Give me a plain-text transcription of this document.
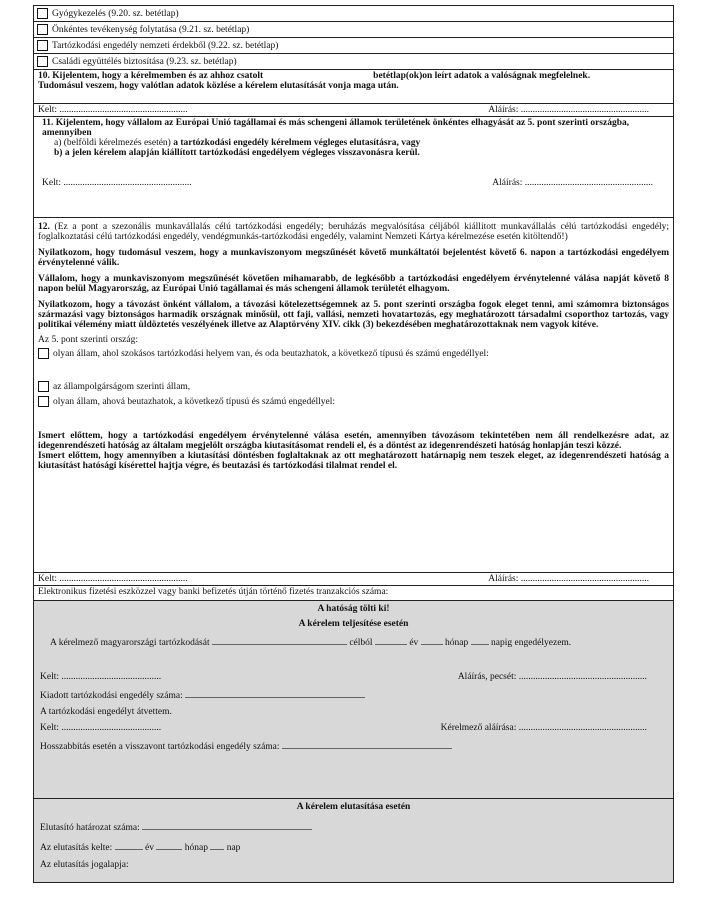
Gyógykezelés (9.20. sz. betétlap)
Önkéntes tevékenység folytatása (9.21. sz. betétlap)
Tartózkodási engedély nemzeti érdekből (9.22. sz. betétlap)
Családi együttélés biztosítása (9.23. sz. betétlap)

10. Kijelentem, hogy a kérelmemben és az ahhoz csatolt	betétlap(ok)on leírt adatok a valóságnak megfelelnek.

Tudomásul veszem, hogy valótlan adatok közlése a kérelem elutasítását vonja maga után.

Kelt: ......................................................	Aláírás: ......................................................

11. Kijelentem, hogy vállalom az Európai Unió tagállamai és más schengeni államok területének önkéntes elhagyását az 5. pont szerinti országba, amennyiben

a) (belföldi kérelmezés esetén) a tartózkodási engedély kérelmem végleges elutasításra, vagy

b) a jelen kérelem alapján kiállított tartózkodási engedélyem végleges visszavonásra kerül.

Kelt: ......................................................	Aláírás: ......................................................

12. (Ez a pont a szezonális munkavállalás célú tartózkodási engedély; beruházás megvalósítása céljából kiállított munkavállalás célú tartózkodási engedély; foglalkoztatási célú tartózkodási engedély, vendégmunkás-tartózkodási engedély, valamint Nemzeti Kártya kérelmezése esetén kitöltendő!)

Nyilatkozom, hogy tudomásul veszem, hogy a munkaviszonyom megszűnését követő munkáltatói bejelentést követő 6. napon a tartózkodási engedélyem érvénytelenné válik.

Vállalom, hogy a munkaviszonyom megszűnését követően mihamarabb, de legkésőbb a tartózkodási engedélyem érvénytelenné válása napját követő 8 napon belül Magyarország, az Európai Unió tagállamai és más schengeni államok területét elhagyom.

Nyilatkozom, hogy a távozást önként vállalom, a távozási kötelezettségemnek az 5. pont szerinti országba fogok eleget tenni, ami számomra biztonságos származási vagy biztonságos harmadik országnak minősül, ott faji, vallási, nemzeti hovatartozás, egy meghatározott társadalmi csoporthoz tartozás, vagy politikai vélemény miatt üldöztetés veszélyének illetve az Alaptörvény XIV. cikk (3) bekezdésében meghatározottaknak nem vagyok kitéve.

Az 5. pont szerinti ország:

olyan állam, ahol szokásos tartózkodási helyem van, és oda beutazhatok, a következő típusú és számú engedéllyel:

az állampolgárságom szerinti állam,

olyan állam, ahová beutazhatok, a következő típusú és számú engedéllyel:

Ismert előttem, hogy a tartózkodási engedélyem érvénytelenné válása esetén, amennyiben távozásom tekintetében nem áll rendelkezésre adat, az idegenrendészeti hatóság az általam megjelölt országba kiutasításomat rendeli el, és a döntést az idegenrendészeti hatóság honlapján teszi közzé.

Ismert előttem, hogy amennyiben a kiutasítási döntésben foglaltaknak az ott meghatározott határnapig nem teszek eleget, az idegenrendészeti hatóság a kiutasítást hatósági kísérettel hajtja végre, és beutazási és tartózkodási tilalmat rendel el.

Kelt: ......................................................	Aláírás: ......................................................
Elektronikus fizetési eszközzel vagy banki befizetés útján történő fizetés tranzakciós száma:

A hatóság tölti ki!

A kérelem teljesítése esetén

A kérelmező magyarországi tartózkodását	célból	év	hónap napig engedélyezem.

Kelt: ..........................................	Aláírás, pecsét: ......................................................

Kiadott tartózkodási engedély száma:

A tartózkodási engedélyt átvettem.

Kelt: ..........................................	Kérelmező aláírása: ......................................................

Hosszabbítás esetén a visszavont tartózkodási engedély száma:

A kérelem elutasítása esetén

Elutasító határozat száma:

Az elutasítás kelte:	év	hónap nap

Az elutasítás jogalapja:
